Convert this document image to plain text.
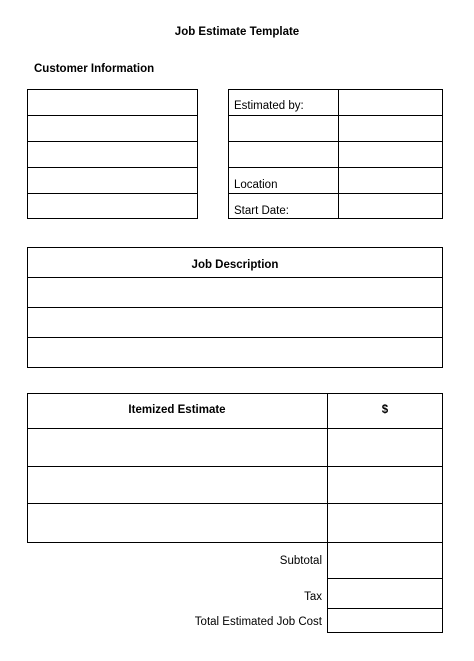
Job Estimate Template
Customer Information
Estimated by:
Location
Start Date:
Job Description
Itemized Estimate	$
Subtotal
Tax
Total Estimated Job Cost
